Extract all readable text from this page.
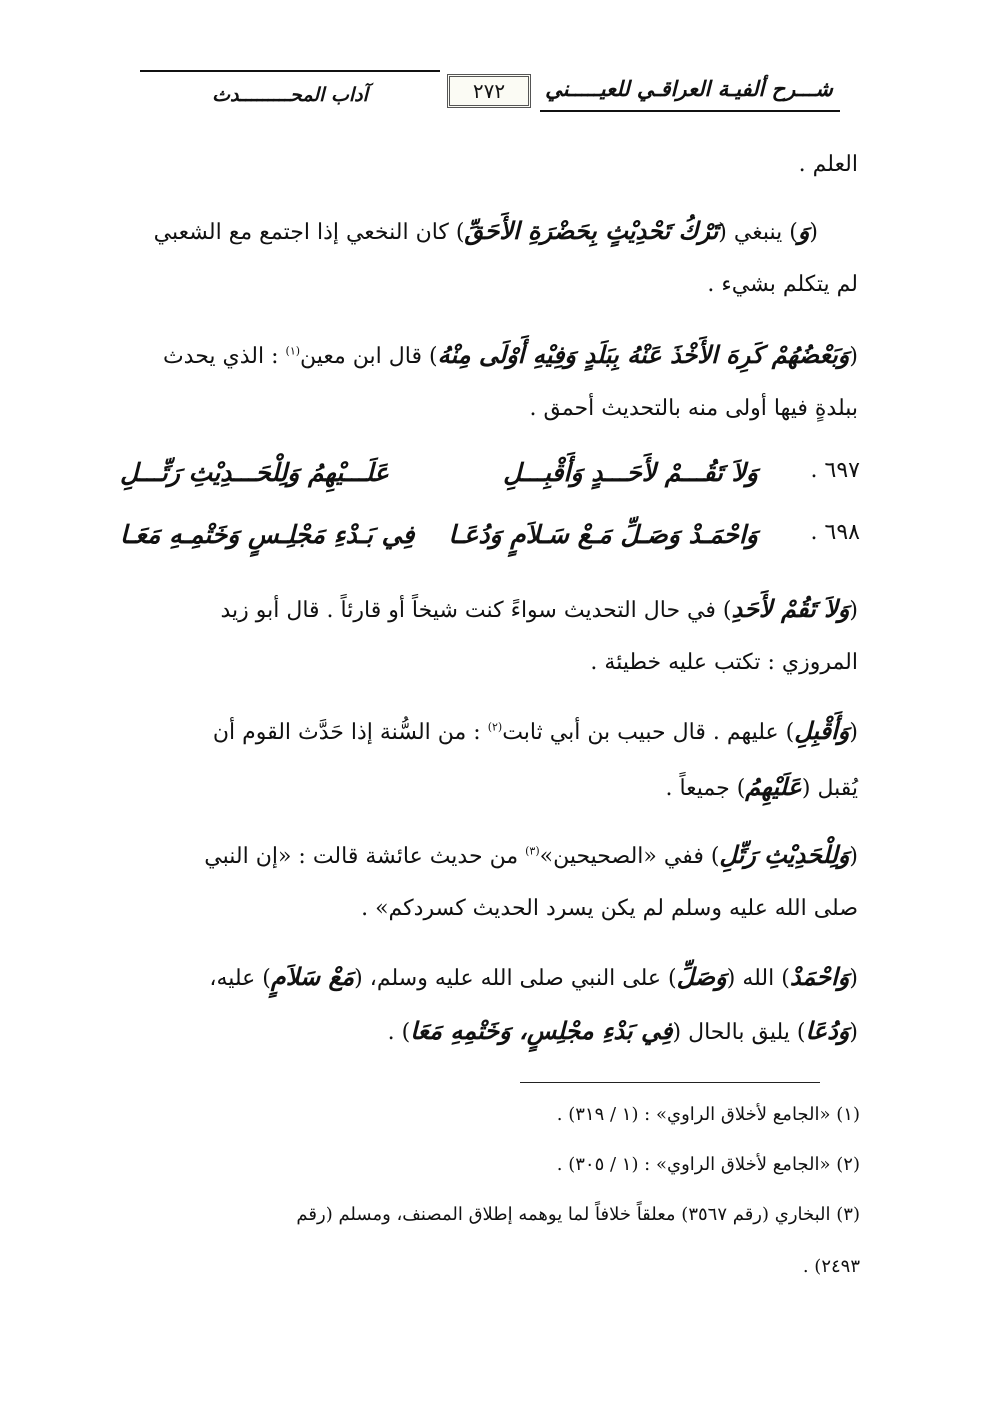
شـــرح ألفيـة العراقـي للعيـــــني
٢٧٢
آداب المحـــــــــدث
العلم .
(وَ) ينبغي (تَرْكُ تَحْدِيْثٍ بِحَضْرَةِ الأَحَقِّ) كان النخعي إذا اجتمع مع الشعبي
لم يتكلم بشيء .
(وَبَعْضُهُمْ كَرِهَ الأَخْذَ عَنْهُ بِبَلَدٍ وَفِيْهِ أَوْلَى مِنْهُ) قال ابن معين$^{(١)}$ : الذي يحدث
ببلدةٍ فيها أولى منه بالتحديث أحمق .
٦٩٧ .
وَلاَ تَقُـــمْ لأَحَـــدٍ وَأَقْبِـــلِ
عَلَـــيْهِمُ وَلِلْحَـــدِيْثِ رَتِّـــلِ
٦٩٨ .
وَاحْمَـدْ وَصَـلِّ مَـعْ سَـلاَمٍ وَدُعَـا
فِي بَـدْءِ مَجْلِـسٍ وَخَتْمِـهِ مَعَـا
(وَلاَ تَقُمْ لأَحَدِ) في حال التحديث سواءً كنت شيخاً أو قارئاً . قال أبو زيد
المروزي : تكتب عليه خطيئة .
(وَأَقْبِلِ) عليهم . قال حبيب بن أبي ثابت$^{(٢)}$ : من السُّنة إذا حَدَّث القوم أن
يُقبل (عَلَيْهِمُ) جميعاً .
(وَلِلْحَدِيْثِ رَتِّلِ) ففي «الصحيحين»$^{(٣)}$ من حديث عائشة قالت : «إن النبي
صلى الله عليه وسلم لم يكن يسرد الحديث كسردكم» .
(وَاحْمَدْ) الله (وَصَلِّ) على النبي صلى الله عليه وسلم، (مَعْ سَلاَمٍ) عليه،
(وَدُعَا) يليق بالحال (فِي بَدْءِ مجْلِسٍ، وَخَتْمِهِ مَعَا) .
(١) «الجامع لأخلاق الراوي» : (١ / ٣١٩) .
(٢) «الجامع لأخلاق الراوي» : (١ / ٣٠٥) .
(٣) البخاري (رقم ٣٥٦٧) معلقاً خلافاً لما يوهمه إطلاق المصنف، ومسلم (رقم
٢٤٩٣) .
